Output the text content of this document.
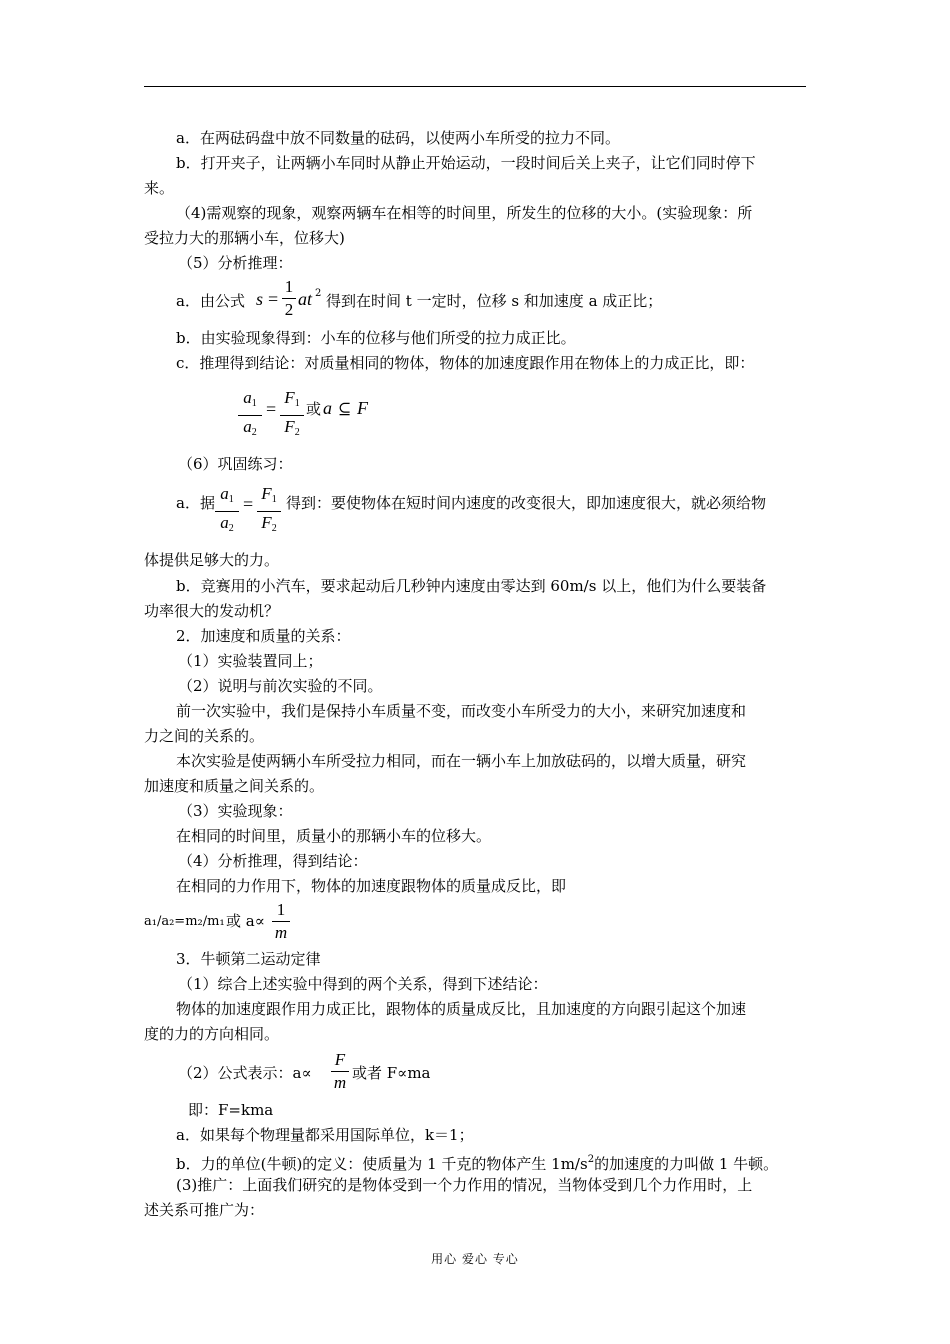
a．在两砝码盘中放不同数量的砝码，以使两小车所受的拉力不同。
b．打开夹子，让两辆小车同时从静止开始运动，一段时间后关上夹子，让它们同时停下
来。
（4)需观察的现象，观察两辆车在相等的时间里，所发生的位移的大小。(实验现象：所
受拉力大的那辆小车，位移大)
（5）分析推理：
a．由公式 s =
1
2
at 2 得到在时间 t 一定时，位移 s 和加速度 a 成正比；
b．由实验现象得到：小车的位移与他们所受的拉力成正比。
c．推理得到结论：对质量相同的物体，物体的加速度跟作用在物体上的力成正比，即：
$a_1$
$a_2$
=
$F_1$
$F_2$
或 a ⊆ F
（6）巩固练习：
a．据 $a_1$
$a_2$
=
$F_1$
$F_2$
得到：要使物体在短时间内速度的改变很大，即加速度很大，就必须给物
体提供足够大的力。
b．竞赛用的小汽车，要求起动后几秒钟内速度由零达到 60m/s 以上，他们为什么要装备
功率很大的发动机？
2．加速度和质量的关系：
（1）实验装置同上；
（2）说明与前次实验的不同。
前一次实验中，我们是保持小车质量不变，而改变小车所受力的大小，来研究加速度和
力之间的关系的。
本次实验是使两辆小车所受拉力相同，而在一辆小车上加放砝码的，以增大质量，研究
加速度和质量之间关系的。
（3）实验现象：
在相同的时间里，质量小的那辆小车的位移大。
（4）分析推理，得到结论：
在相同的力作用下，物体的加速度跟物体的质量成反比，即
a₁/a₂=m₂/m₁ 或 a∝
1
m
3．牛顿第二运动定律
（1）综合上述实验中得到的两个关系，得到下述结论：
物体的加速度跟作用力成正比，跟物体的质量成反比，且加速度的方向跟引起这个加速
度的力的方向相同。
（2）公式表示：a∝
F
m 或者 F∝ma
即：F=kma
a．如果每个物理量都采用国际单位，k＝1；
b．力的单位(牛顿)的定义：使质量为 1 千克的物体产生 $1m/s^2$的加速度的力叫做 1 牛顿。
(3)推广：上面我们研究的是物体受到一个力作用的情况，当物体受到几个力作用时，上
述关系可推广为：
用心 爱心 专心
